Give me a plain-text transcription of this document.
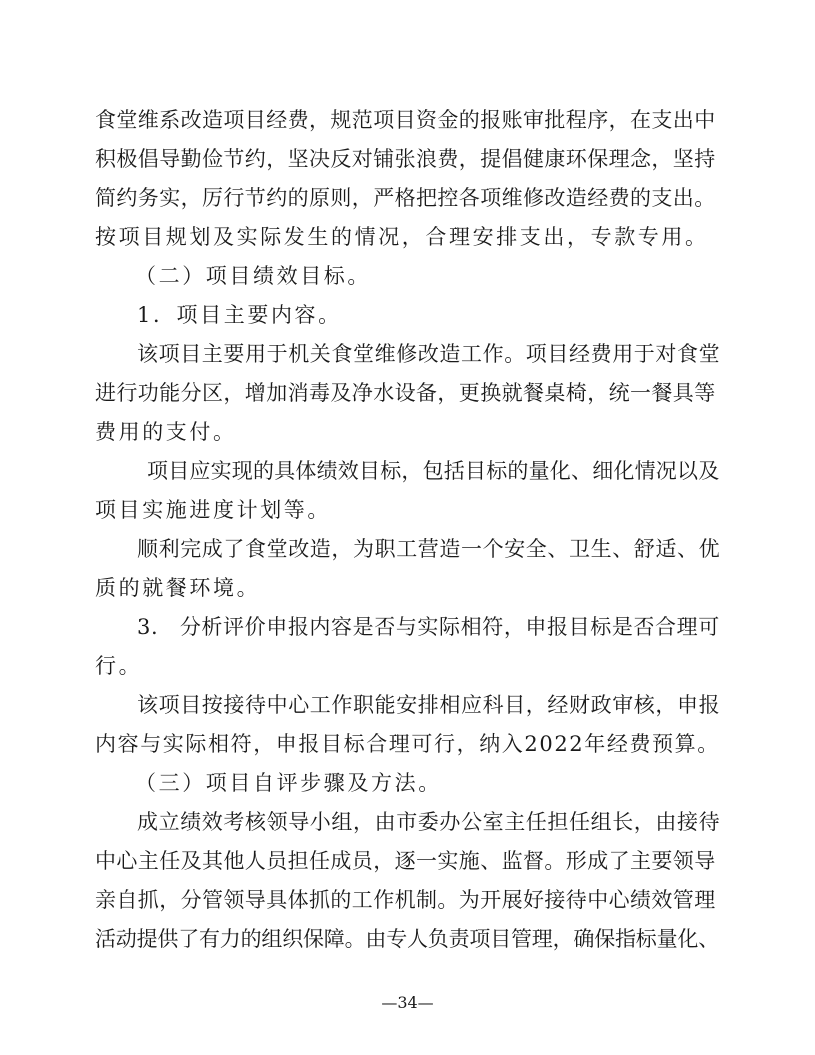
食堂维系改造项目经费，规范项目资金的报账审批程序，在支出中
积极倡导勤俭节约，坚决反对铺张浪费，提倡健康环保理念，坚持
简约务实，厉行节约的原则，严格把控各项维修改造经费的支出。
按项目规划及实际发生的情况，合理安排支出，专款专用。
（二）项目绩效目标。
1．项目主要内容。
该项目主要用于机关食堂维修改造工作。项目经费用于对食堂
进行功能分区，增加消毒及净水设备，更换就餐桌椅，统一餐具等
费用的支付。
项目应实现的具体绩效目标，包括目标的量化、细化情况以及
项目实施进度计划等。
顺利完成了食堂改造，为职工营造一个安全、卫生、舒适、优
质的就餐环境。
3.　分析评价申报内容是否与实际相符，申报目标是否合理可
行。
该项目按接待中心工作职能安排相应科目，经财政审核，申报
内容与实际相符，申报目标合理可行，纳入2022年经费预算。
（三）项目自评步骤及方法。
成立绩效考核领导小组，由市委办公室主任担任组长，由接待
中心主任及其他人员担任成员，逐一实施、监督。形成了主要领导
亲自抓，分管领导具体抓的工作机制。为开展好接待中心绩效管理
活动提供了有力的组织保障。由专人负责项目管理，确保指标量化、
—34—
